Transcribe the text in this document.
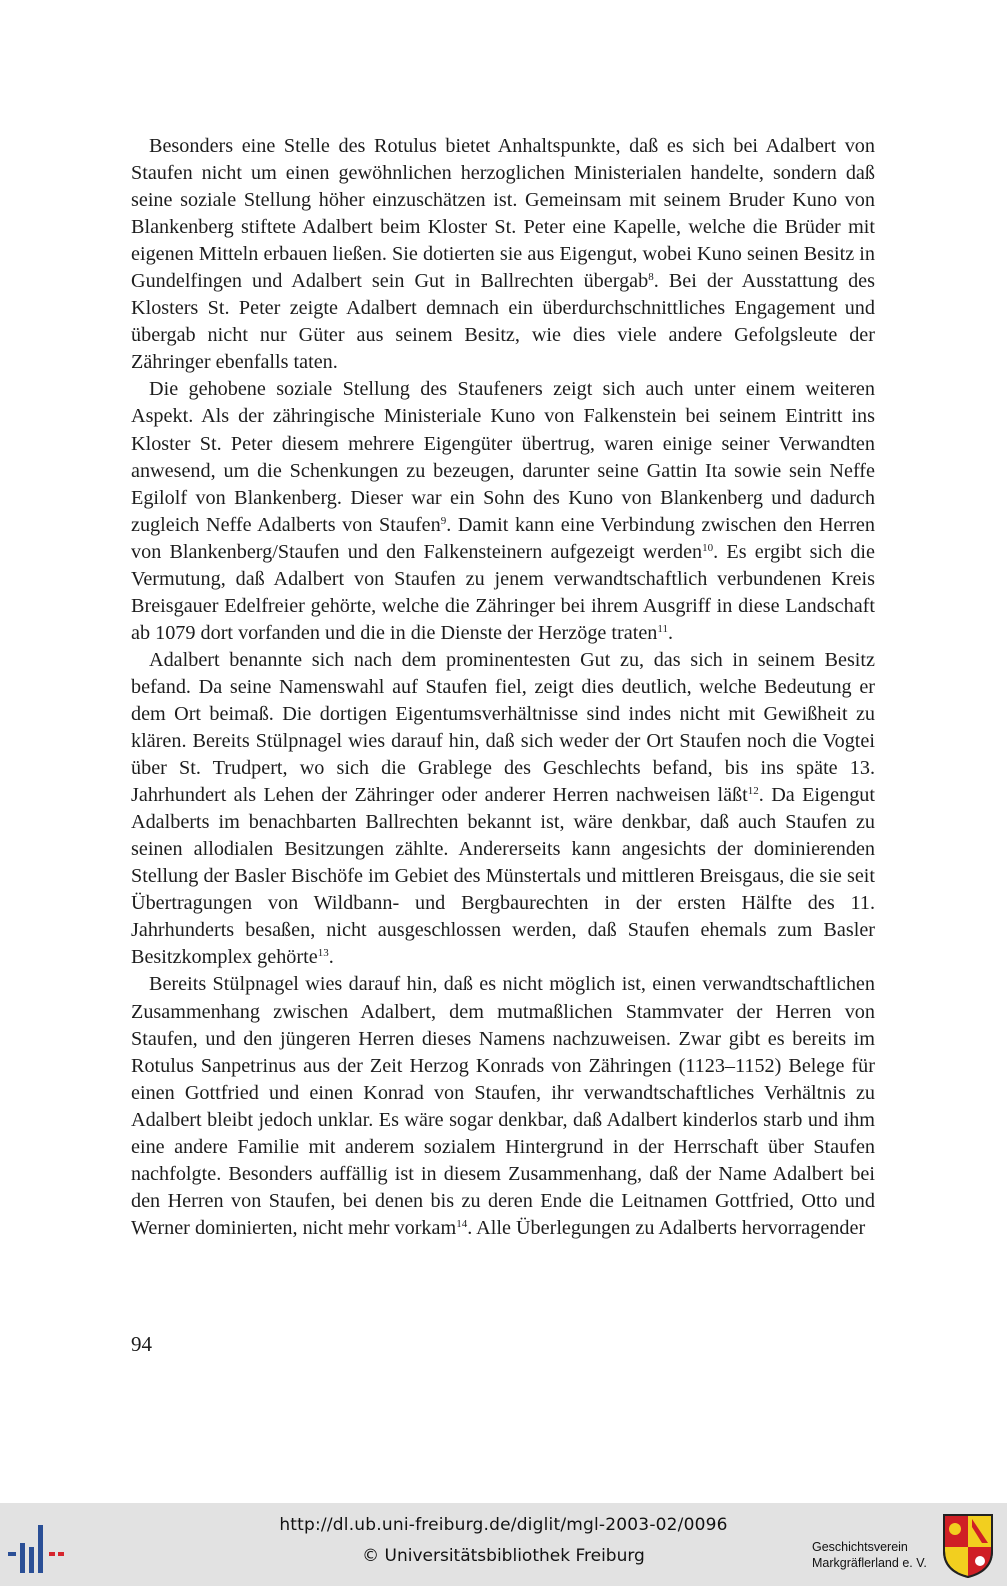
Besonders eine Stelle des Rotulus bietet Anhaltspunkte, daß es sich bei Adalbert von Staufen nicht um einen gewöhnlichen herzoglichen Ministerialen handelte, sondern daß seine soziale Stellung höher einzuschätzen ist. Gemeinsam mit seinem Bruder Kuno von Blankenberg stiftete Adalbert beim Kloster St. Peter eine Kapelle, welche die Brüder mit eigenen Mitteln erbauen ließen. Sie dotierten sie aus Eigengut, wobei Kuno seinen Besitz in Gundelfingen und Adalbert sein Gut in Ballrechten übergab$^8$. Bei der Ausstattung des Klosters St. Peter zeigte Adalbert demnach ein überdurchschnittliches Engagement und übergab nicht nur Güter aus seinem Besitz, wie dies viele andere Gefolgsleute der Zähringer ebenfalls taten.

Die gehobene soziale Stellung des Staufeners zeigt sich auch unter einem weiteren Aspekt. Als der zähringische Ministeriale Kuno von Falkenstein bei seinem Eintritt ins Kloster St. Peter diesem mehrere Eigengüter übertrug, waren einige seiner Verwandten anwesend, um die Schenkungen zu bezeugen, darunter seine Gattin Ita sowie sein Neffe Egilolf von Blankenberg. Dieser war ein Sohn des Kuno von Blankenberg und dadurch zugleich Neffe Adalberts von Staufen$^9$. Damit kann eine Verbindung zwischen den Herren von Blankenberg/Staufen und den Falkensteinern aufgezeigt werden$^{10}$. Es ergibt sich die Vermutung, daß Adalbert von Staufen zu jenem verwandtschaftlich verbundenen Kreis Breisgauer Edelfreier gehörte, welche die Zähringer bei ihrem Ausgriff in diese Landschaft ab 1079 dort vorfanden und die in die Dienste der Herzöge traten$^{11}$.

Adalbert benannte sich nach dem prominentesten Gut zu, das sich in seinem Besitz befand. Da seine Namenswahl auf Staufen fiel, zeigt dies deutlich, welche Bedeutung er dem Ort beimaß. Die dortigen Eigentumsverhältnisse sind indes nicht mit Gewißheit zu klären. Bereits Stülpnagel wies darauf hin, daß sich weder der Ort Staufen noch die Vogtei über St. Trudpert, wo sich die Grablege des Geschlechts befand, bis ins späte 13. Jahrhundert als Lehen der Zähringer oder anderer Herren nachweisen läßt$^{12}$. Da Eigengut Adalberts im benachbarten Ballrechten bekannt ist, wäre denkbar, daß auch Staufen zu seinen allodialen Besitzungen zählte. Andererseits kann angesichts der dominierenden Stellung der Basler Bischöfe im Gebiet des Münstertals und mittleren Breisgaus, die sie seit Übertragungen von Wildbann- und Bergbaurechten in der ersten Hälfte des 11. Jahrhunderts besaßen, nicht ausgeschlossen werden, daß Staufen ehemals zum Basler Besitzkomplex gehörte$^{13}$.

Bereits Stülpnagel wies darauf hin, daß es nicht möglich ist, einen verwandtschaftlichen Zusammenhang zwischen Adalbert, dem mutmaßlichen Stammvater der Herren von Staufen, und den jüngeren Herren dieses Namens nachzuweisen. Zwar gibt es bereits im Rotulus Sanpetrinus aus der Zeit Herzog Konrads von Zähringen (1123–1152) Belege für einen Gottfried und einen Konrad von Staufen, ihr verwandtschaftliches Verhältnis zu Adalbert bleibt jedoch unklar. Es wäre sogar denkbar, daß Adalbert kinderlos starb und ihm eine andere Familie mit anderem sozialem Hintergrund in der Herrschaft über Staufen nachfolgte. Besonders auffällig ist in diesem Zusammenhang, daß der Name Adalbert bei den Herren von Staufen, bei denen bis zu deren Ende die Leitnamen Gottfried, Otto und Werner dominierten, nicht mehr vorkam$^{14}$. Alle Überlegungen zu Adalberts hervorragender

94
http://dl.ub.uni-freiburg.de/diglit/mgl-2003-02/0096
© Universitätsbibliothek Freiburg	Geschichtsverein
Markgräflerland e. V.
